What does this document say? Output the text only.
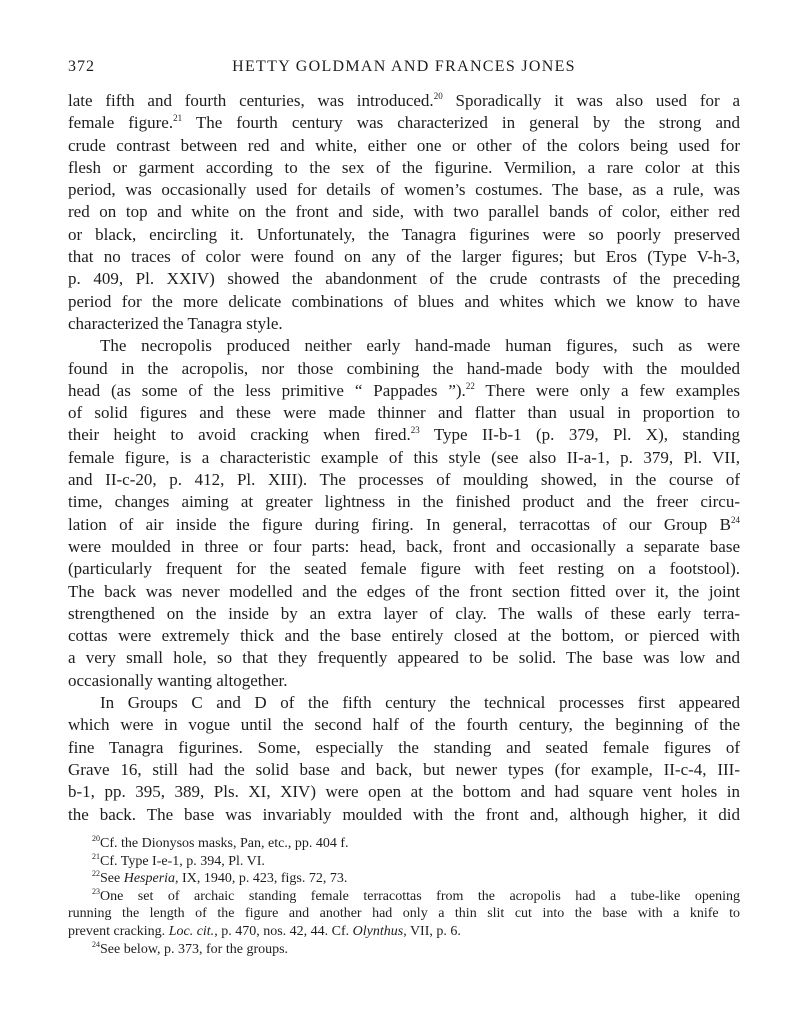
372	HETTY GOLDMAN AND FRANCES JONES
late fifth and fourth centuries, was introduced.$^{20}$ Sporadically it was also used for a
female figure.$^{21}$ The fourth century was characterized in general by the strong and
crude contrast between red and white, either one or other of the colors being used for
flesh or garment according to the sex of the figurine. Vermilion, a rare color at this
period, was occasionally used for details of women’s costumes. The base, as a rule, was
red on top and white on the front and side, with two parallel bands of color, either red
or black, encircling it. Unfortunately, the Tanagra figurines were so poorly preserved
that no traces of color were found on any of the larger figures; but Eros (Type V-h-3,
p. 409, Pl. XXIV) showed the abandonment of the crude contrasts of the preceding
period for the more delicate combinations of blues and whites which we know to have
characterized the Tanagra style.
The necropolis produced neither early hand-made human figures, such as were
found in the acropolis, nor those combining the hand-made body with the moulded
head (as some of the less primitive “ Pappades ”).$^{22}$ There were only a few examples
of solid figures and these were made thinner and flatter than usual in proportion to
their height to avoid cracking when fired.$^{23}$ Type II-b-1 (p. 379, Pl. X), standing
female figure, is a characteristic example of this style (see also II-a-1, p. 379, Pl. VII,
and II-c-20, p. 412, Pl. XIII). The processes of moulding showed, in the course of
time, changes aiming at greater lightness in the finished product and the freer circu-
lation of air inside the figure during firing. In general, terracottas of our Group $B^{24}$
were moulded in three or four parts: head, back, front and occasionally a separate base
(particularly frequent for the seated female figure with feet resting on a footstool).
The back was never modelled and the edges of the front section fitted over it, the joint
strengthened on the inside by an extra layer of clay. The walls of these early terra-
cottas were extremely thick and the base entirely closed at the bottom, or pierced with
a very small hole, so that they frequently appeared to be solid. The base was low and
occasionally wanting altogether.
In Groups C and D of the fifth century the technical processes first appeared
which were in vogue until the second half of the fourth century, the beginning of the
fine Tanagra figurines. Some, especially the standing and seated female figures of
Grave 16, still had the solid base and back, but newer types (for example, II-c-4, III-
b-1, pp. 395, 389, Pls. XI, XIV) were open at the bottom and had square vent holes in
the back. The base was invariably moulded with the front and, although higher, it did
$^{20}$Cf. the Dionysos masks, Pan, etc., pp. 404 f.
$^{21}$Cf. Type I-e-1, p. 394, Pl. VI.
$^{22}$See Hesperia, IX, 1940, p. 423, figs. 72, 73.
$^{23}$One set of archaic standing female terracottas from the acropolis had a tube-like opening
running the length of the figure and another had only a thin slit cut into the base with a knife to
prevent cracking. Loc. cit., p. 470, nos. 42, 44. Cf. Olynthus, VII, p. 6.
$^{24}$See below, p. 373, for the groups.
